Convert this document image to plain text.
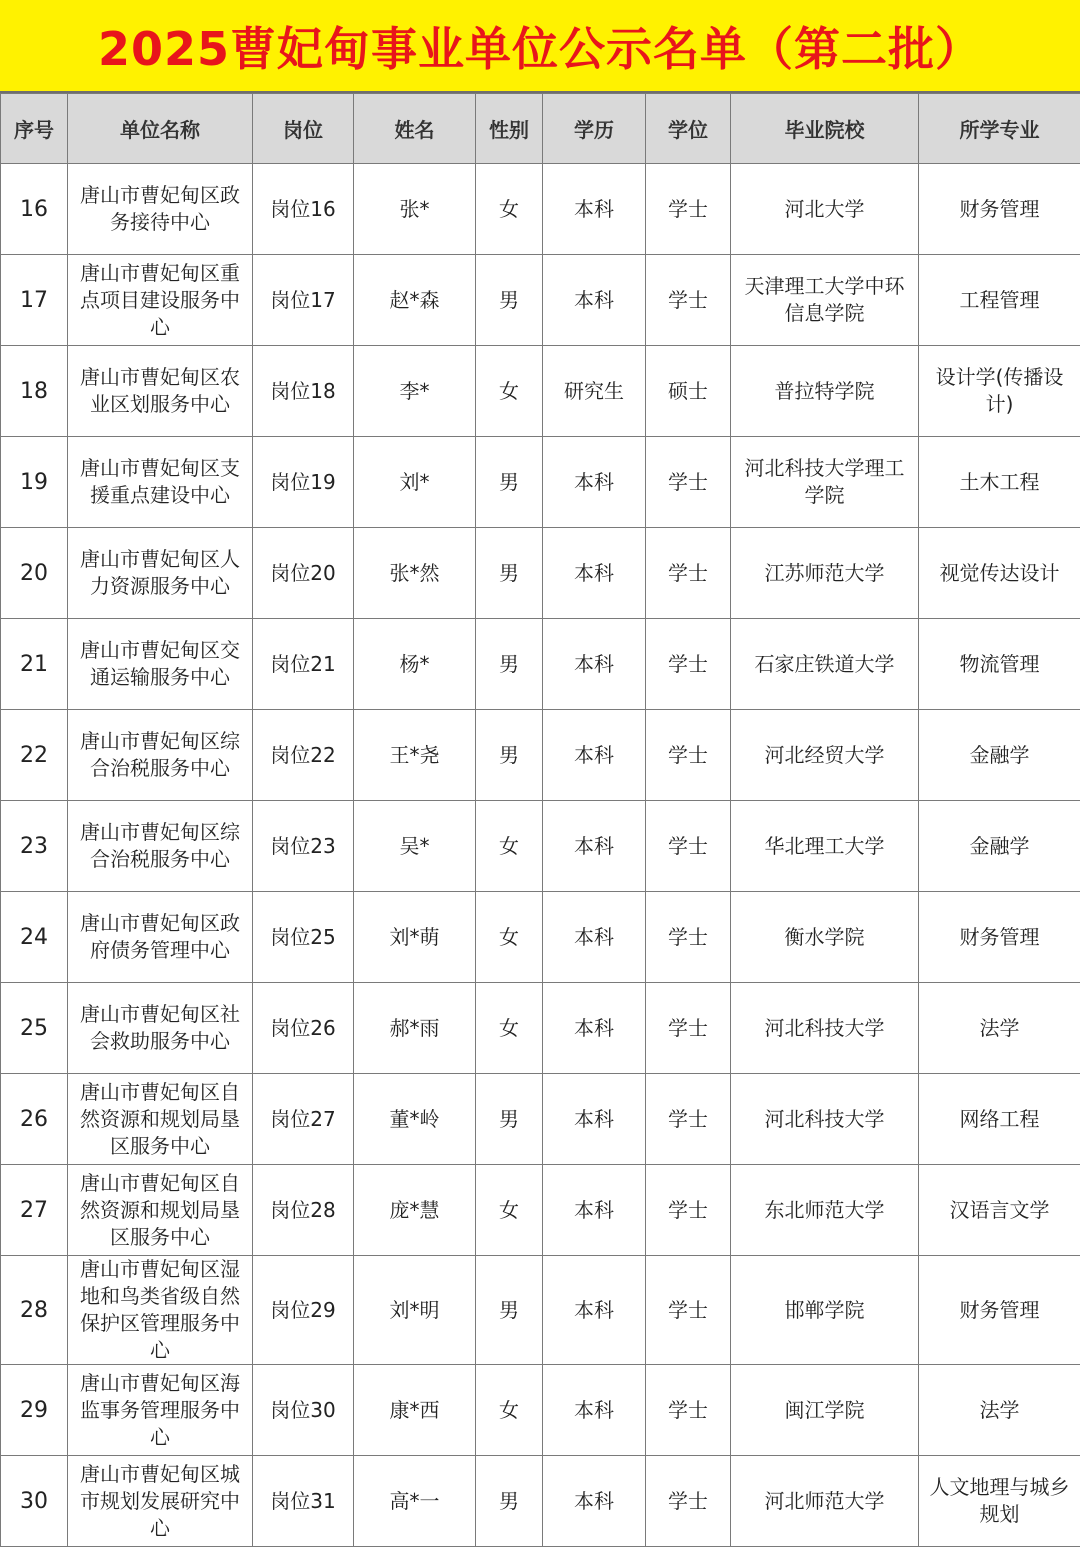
2025曹妃甸事业单位公示名单（第二批）
序号	单位名称	岗位	姓名	性别	学历	学位	毕业院校	所学专业
16	唐山市曹妃甸区政务接待中心	岗位16	张*	女	本科	学士	河北大学	财务管理
17	唐山市曹妃甸区重点项目建设服务中心	岗位17	赵*森	男	本科	学士	天津理工大学中环信息学院	工程管理
18	唐山市曹妃甸区农业区划服务中心	岗位18	李*	女	研究生	硕士	普拉特学院	设计学(传播设计)
19	唐山市曹妃甸区支援重点建设中心	岗位19	刘*	男	本科	学士	河北科技大学理工学院	土木工程
20	唐山市曹妃甸区人力资源服务中心	岗位20	张*然	男	本科	学士	江苏师范大学	视觉传达设计
21	唐山市曹妃甸区交通运输服务中心	岗位21	杨*	男	本科	学士	石家庄铁道大学	物流管理
22	唐山市曹妃甸区综合治税服务中心	岗位22	王*尧	男	本科	学士	河北经贸大学	金融学
23	唐山市曹妃甸区综合治税服务中心	岗位23	吴*	女	本科	学士	华北理工大学	金融学
24	唐山市曹妃甸区政府债务管理中心	岗位25	刘*萌	女	本科	学士	衡水学院	财务管理
25	唐山市曹妃甸区社会救助服务中心	岗位26	郝*雨	女	本科	学士	河北科技大学	法学
26	唐山市曹妃甸区自然资源和规划局垦区服务中心	岗位27	董*岭	男	本科	学士	河北科技大学	网络工程
27	唐山市曹妃甸区自然资源和规划局垦区服务中心	岗位28	庞*慧	女	本科	学士	东北师范大学	汉语言文学
28	唐山市曹妃甸区湿地和鸟类省级自然保护区管理服务中心	岗位29	刘*明	男	本科	学士	邯郸学院	财务管理
29	唐山市曹妃甸区海监事务管理服务中心	岗位30	康*西	女	本科	学士	闽江学院	法学
30	唐山市曹妃甸区城市规划发展研究中心	岗位31	高*一	男	本科	学士	河北师范大学	人文地理与城乡规划
